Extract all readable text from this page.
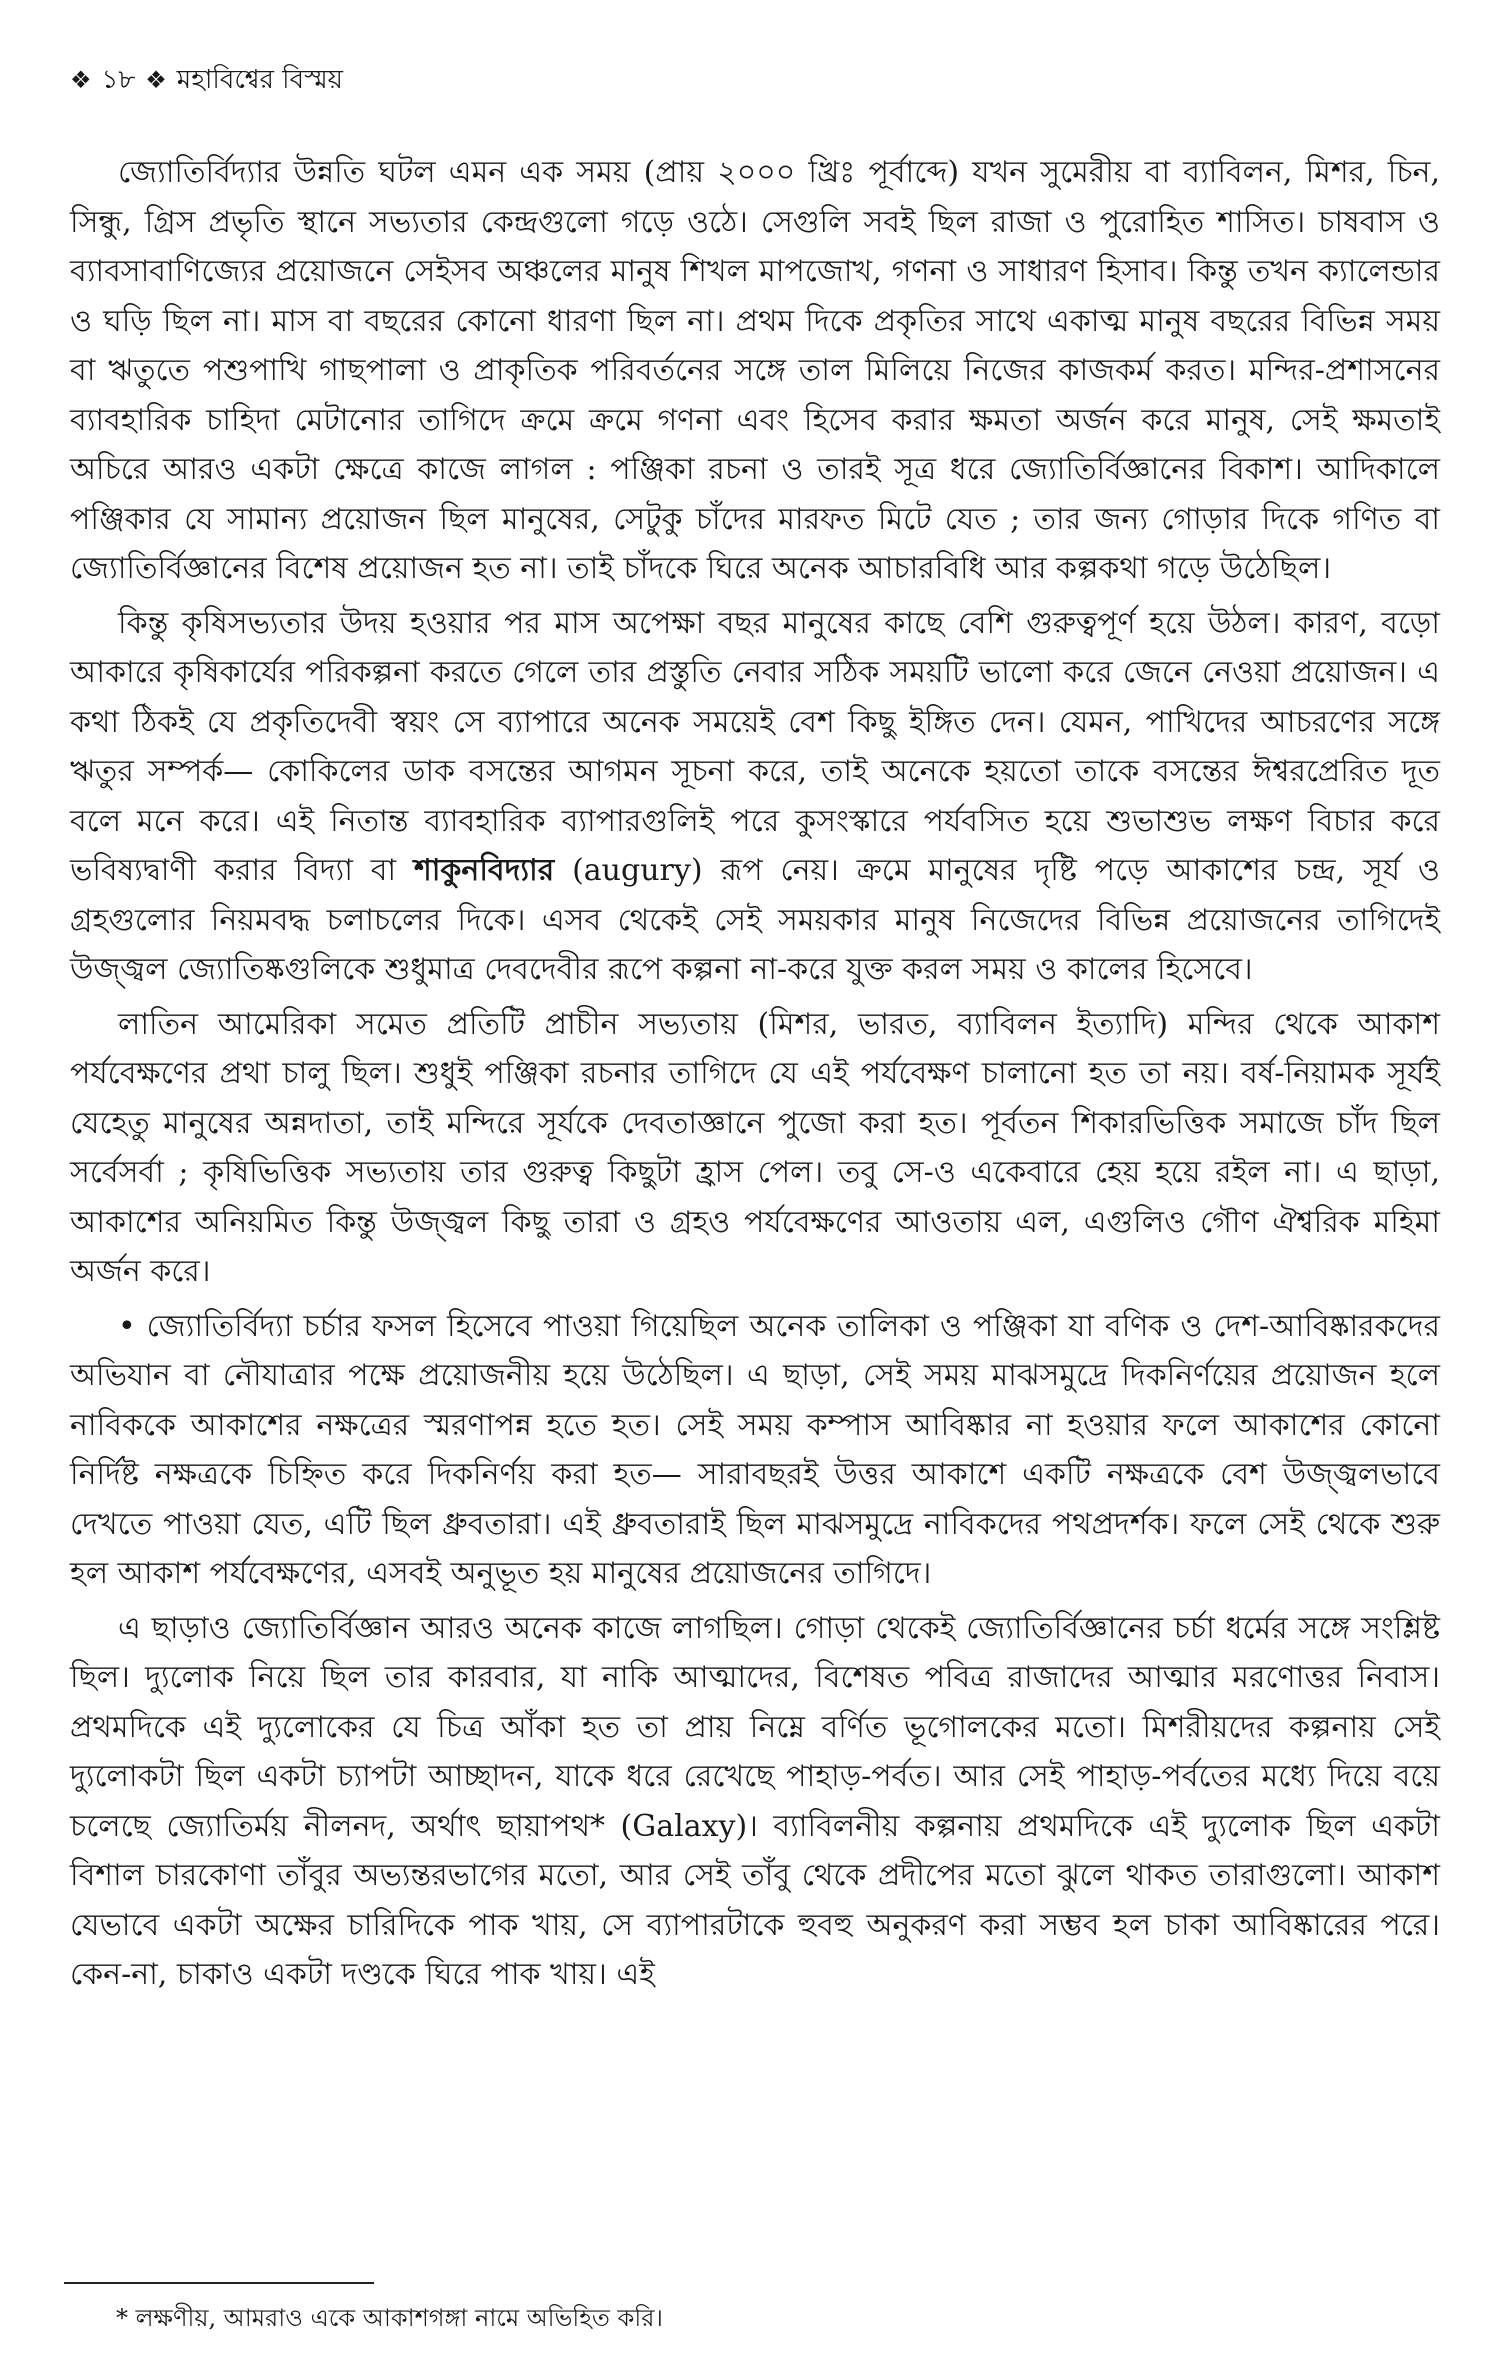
❖ ১৮ ❖ মহাবিশ্বের বিস্ময়

জ্যোতির্বিদ্যার উন্নতি ঘটল এমন এক সময় (প্রায় ২০০০ খ্রিঃ পূর্বাব্দে) যখন সুমেরীয় বা ব্যাবিলন, মিশর, চিন, সিন্ধু, গ্রিস প্রভৃতি স্থানে সভ্যতার কেন্দ্রগুলো গড়ে ওঠে। সেগুলি সবই ছিল রাজা ও পুরোহিত শাসিত। চাষবাস ও ব্যাবসাবাণিজ্যের প্রয়োজনে সেইসব অঞ্চলের মানুষ শিখল মাপজোখ, গণনা ও সাধারণ হিসাব। কিন্তু তখন ক্যালেন্ডার ও ঘড়ি ছিল না। মাস বা বছরের কোনো ধারণা ছিল না। প্রথম দিকে প্রকৃতির সাথে একাত্ম মানুষ বছরের বিভিন্ন সময় বা ঋতুতে পশুপাখি গাছপালা ও প্রাকৃতিক পরিবর্তনের সঙ্গে তাল মিলিয়ে নিজের কাজকর্ম করত। মন্দির-প্রশাসনের ব্যাবহারিক চাহিদা মেটানোর তাগিদে ক্রমে ক্রমে গণনা এবং হিসেব করার ক্ষমতা অর্জন করে মানুষ, সেই ক্ষমতাই অচিরে আরও একটা ক্ষেত্রে কাজে লাগল : পঞ্জিকা রচনা ও তারই সূত্র ধরে জ্যোতির্বিজ্ঞানের বিকাশ। আদিকালে পঞ্জিকার যে সামান্য প্রয়োজন ছিল মানুষের, সেটুকু চাঁদের মারফত মিটে যেত ; তার জন্য গোড়ার দিকে গণিত বা জ্যোতির্বিজ্ঞানের বিশেষ প্রয়োজন হত না। তাই চাঁদকে ঘিরে অনেক আচারবিধি আর কল্পকথা গড়ে উঠেছিল।

কিন্তু কৃষিসভ্যতার উদয় হওয়ার পর মাস অপেক্ষা বছর মানুষের কাছে বেশি গুরুত্বপূর্ণ হয়ে উঠল। কারণ, বড়ো আকারে কৃষিকার্যের পরিকল্পনা করতে গেলে তার প্রস্তুতি নেবার সঠিক সময়টি ভালো করে জেনে নেওয়া প্রয়োজন। এ কথা ঠিকই যে প্রকৃতিদেবী স্বয়ং সে ব্যাপারে অনেক সময়েই বেশ কিছু ইঙ্গিত দেন। যেমন, পাখিদের আচরণের সঙ্গে ঋতুর সম্পর্ক— কোকিলের ডাক বসন্তের আগমন সূচনা করে, তাই অনেকে হয়তো তাকে বসন্তের ঈশ্বরপ্রেরিত দূত বলে মনে করে। এই নিতান্ত ব্যাবহারিক ব্যাপারগুলিই পরে কুসংস্কারে পর্যবসিত হয়ে শুভাশুভ লক্ষণ বিচার করে ভবিষ্যদ্বাণী করার বিদ্যা বা শাকুনবিদ্যার (augury) রূপ নেয়। ক্রমে মানুষের দৃষ্টি পড়ে আকাশের চন্দ্র, সূর্য ও গ্রহগুলোর নিয়মবদ্ধ চলাচলের দিকে। এসব থেকেই সেই সময়কার মানুষ নিজেদের বিভিন্ন প্রয়োজনের তাগিদেই উজ্জ্বল জ্যোতিষ্কগুলিকে শুধুমাত্র দেবদেবীর রূপে কল্পনা না-করে যুক্ত করল সময় ও কালের হিসেবে।

লাতিন আমেরিকা সমেত প্রতিটি প্রাচীন সভ্যতায় (মিশর, ভারত, ব্যাবিলন ইত্যাদি) মন্দির থেকে আকাশ পর্যবেক্ষণের প্রথা চালু ছিল। শুধুই পঞ্জিকা রচনার তাগিদে যে এই পর্যবেক্ষণ চালানো হত তা নয়। বর্ষ-নিয়ামক সূর্যই যেহেতু মানুষের অন্নদাতা, তাই মন্দিরে সূর্যকে দেবতাজ্ঞানে পুজো করা হত। পূর্বতন শিকারভিত্তিক সমাজে চাঁদ ছিল সর্বেসর্বা ; কৃষিভিত্তিক সভ্যতায় তার গুরুত্ব কিছুটা হ্রাস পেল। তবু সে-ও একেবারে হেয় হয়ে রইল না। এ ছাড়া, আকাশের অনিয়মিত কিন্তু উজ্জ্বল কিছু তারা ও গ্রহও পর্যবেক্ষণের আওতায় এল, এগুলিও গৌণ ঐশ্বরিক মহিমা অর্জন করে।

• জ্যোতির্বিদ্যা চর্চার ফসল হিসেবে পাওয়া গিয়েছিল অনেক তালিকা ও পঞ্জিকা যা বণিক ও দেশ-আবিষ্কারকদের অভিযান বা নৌযাত্রার পক্ষে প্রয়োজনীয় হয়ে উঠেছিল। এ ছাড়া, সেই সময় মাঝসমুদ্রে দিকনির্ণয়ের প্রয়োজন হলে নাবিককে আকাশের নক্ষত্রের স্মরণাপন্ন হতে হত। সেই সময় কম্পাস আবিষ্কার না হওয়ার ফলে আকাশের কোনো নির্দিষ্ট নক্ষত্রকে চিহ্নিত করে দিকনির্ণয় করা হত— সারাবছরই উত্তর আকাশে একটি নক্ষত্রকে বেশ উজ্জ্বলভাবে দেখতে পাওয়া যেত, এটি ছিল ধ্রুবতারা। এই ধ্রুবতারাই ছিল মাঝসমুদ্রে নাবিকদের পথপ্রদর্শক। ফলে সেই থেকে শুরু হল আকাশ পর্যবেক্ষণের, এসবই অনুভূত হয় মানুষের প্রয়োজনের তাগিদে।

এ ছাড়াও জ্যোতির্বিজ্ঞান আরও অনেক কাজে লাগছিল। গোড়া থেকেই জ্যোতির্বিজ্ঞানের চর্চা ধর্মের সঙ্গে সংশ্লিষ্ট ছিল। দ্যুলোক নিয়ে ছিল তার কারবার, যা নাকি আত্মাদের, বিশেষত পবিত্র রাজাদের আত্মার মরণোত্তর নিবাস। প্রথমদিকে এই দ্যুলোকের যে চিত্র আঁকা হত তা প্রায় নিম্নে বর্ণিত ভূগোলকের মতো। মিশরীয়দের কল্পনায় সেই দ্যুলোকটা ছিল একটা চ্যাপটা আচ্ছাদন, যাকে ধরে রেখেছে পাহাড়-পর্বত। আর সেই পাহাড়-পর্বতের মধ্যে দিয়ে বয়ে চলেছে জ্যোতির্ময় নীলনদ, অর্থাৎ ছায়াপথ* (Galaxy)। ব্যাবিলনীয় কল্পনায় প্রথমদিকে এই দ্যুলোক ছিল একটা বিশাল চারকোণা তাঁবুর অভ্যন্তরভাগের মতো, আর সেই তাঁবু থেকে প্রদীপের মতো ঝুলে থাকত তারাগুলো। আকাশ যেভাবে একটা অক্ষের চারিদিকে পাক খায়, সে ব্যাপারটাকে হুবহু অনুকরণ করা সম্ভব হল চাকা আবিষ্কারের পরে। কেন-না, চাকাও একটা দণ্ডকে ঘিরে পাক খায়। এই

* লক্ষণীয়, আমরাও একে আকাশগঙ্গা নামে অভিহিত করি।
